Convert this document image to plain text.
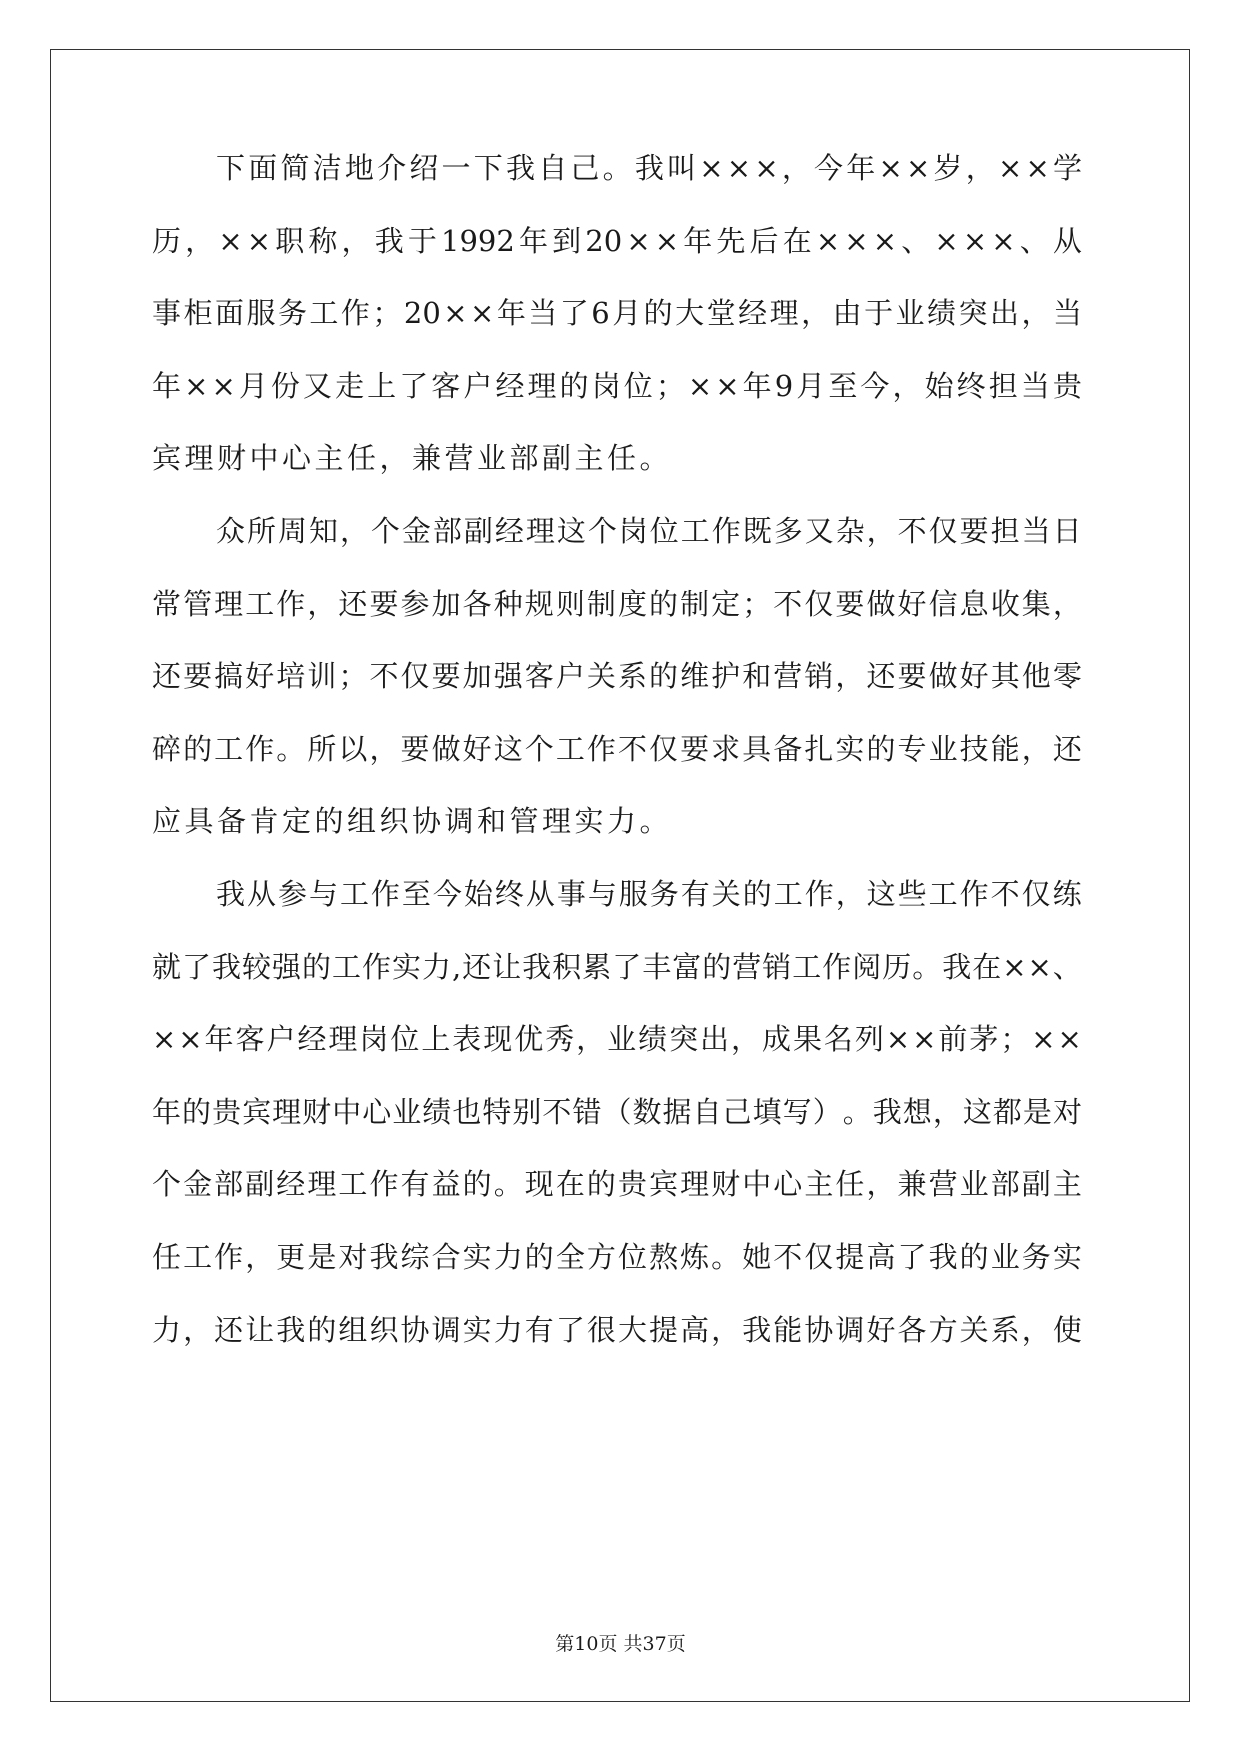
下 面 简 洁 地 介 绍 一 下 我 自 己 。 我 叫 × × × ， 今 年 × × 岁 ， × × 学
历 ， × × 职 称 ， 我 于 1992 年 到 20 × × 年 先 后 在 × × × 、 × × × 、 从
事 柜 面 服 务 工 作 ； 20 × × 年 当 了 6 月 的 大 堂 经 理 ， 由 于 业 绩 突 出 ， 当
年 × × 月 份 又 走 上 了 客 户 经 理 的 岗 位 ； × × 年 9 月 至 今 ， 始 终 担 当 贵
宾理财中心主任，兼营业部副主任。
众 所 周 知 ， 个 金 部 副 经 理 这 个 岗 位 工 作 既 多 又 杂 ， 不 仅 要 担 当 日
常 管 理 工 作 ， 还 要 参 加 各 种 规 则 制 度 的 制 定 ； 不 仅 要 做 好 信 息 收 集 ，
还 要 搞 好 培 训 ； 不 仅 要 加 强 客 户 关 系 的 维 护 和 营 销 ， 还 要 做 好 其 他 零
碎 的 工 作 。 所 以 ， 要 做 好 这 个 工 作 不 仅 要 求 具 备 扎 实 的 专 业 技 能 ， 还
应具备肯定的组织协调和管理实力。
我 从 参 与 工 作 至 今 始 终 从 事 与 服 务 有 关 的 工 作 ， 这 些 工 作 不 仅 练
就 了 我 较 强 的 工 作 实 力 , 还 让 我 积 累 了 丰 富 的 营 销 工 作 阅 历 。 我 在 × × 、
× × 年 客 户 经 理 岗 位 上 表 现 优 秀 ， 业 绩 突 出 ， 成 果 名 列 × × 前 茅 ； × ×
年 的 贵 宾 理 财 中 心 业 绩 也 特 别 不 错 （ 数 据 自 己 填 写 ） 。 我 想 ， 这 都 是 对
个 金 部 副 经 理 工 作 有 益 的 。 现 在 的 贵 宾 理 财 中 心 主 任 ， 兼 营 业 部 副 主
任 工 作 ， 更 是 对 我 综 合 实 力 的 全 方 位 熬 炼 。 她 不 仅 提 高 了 我 的 业 务 实
力 ， 还 让 我 的 组 织 协 调 实 力 有 了 很 大 提 高 ， 我 能 协 调 好 各 方 关 系 ， 使
第10页 共37页
